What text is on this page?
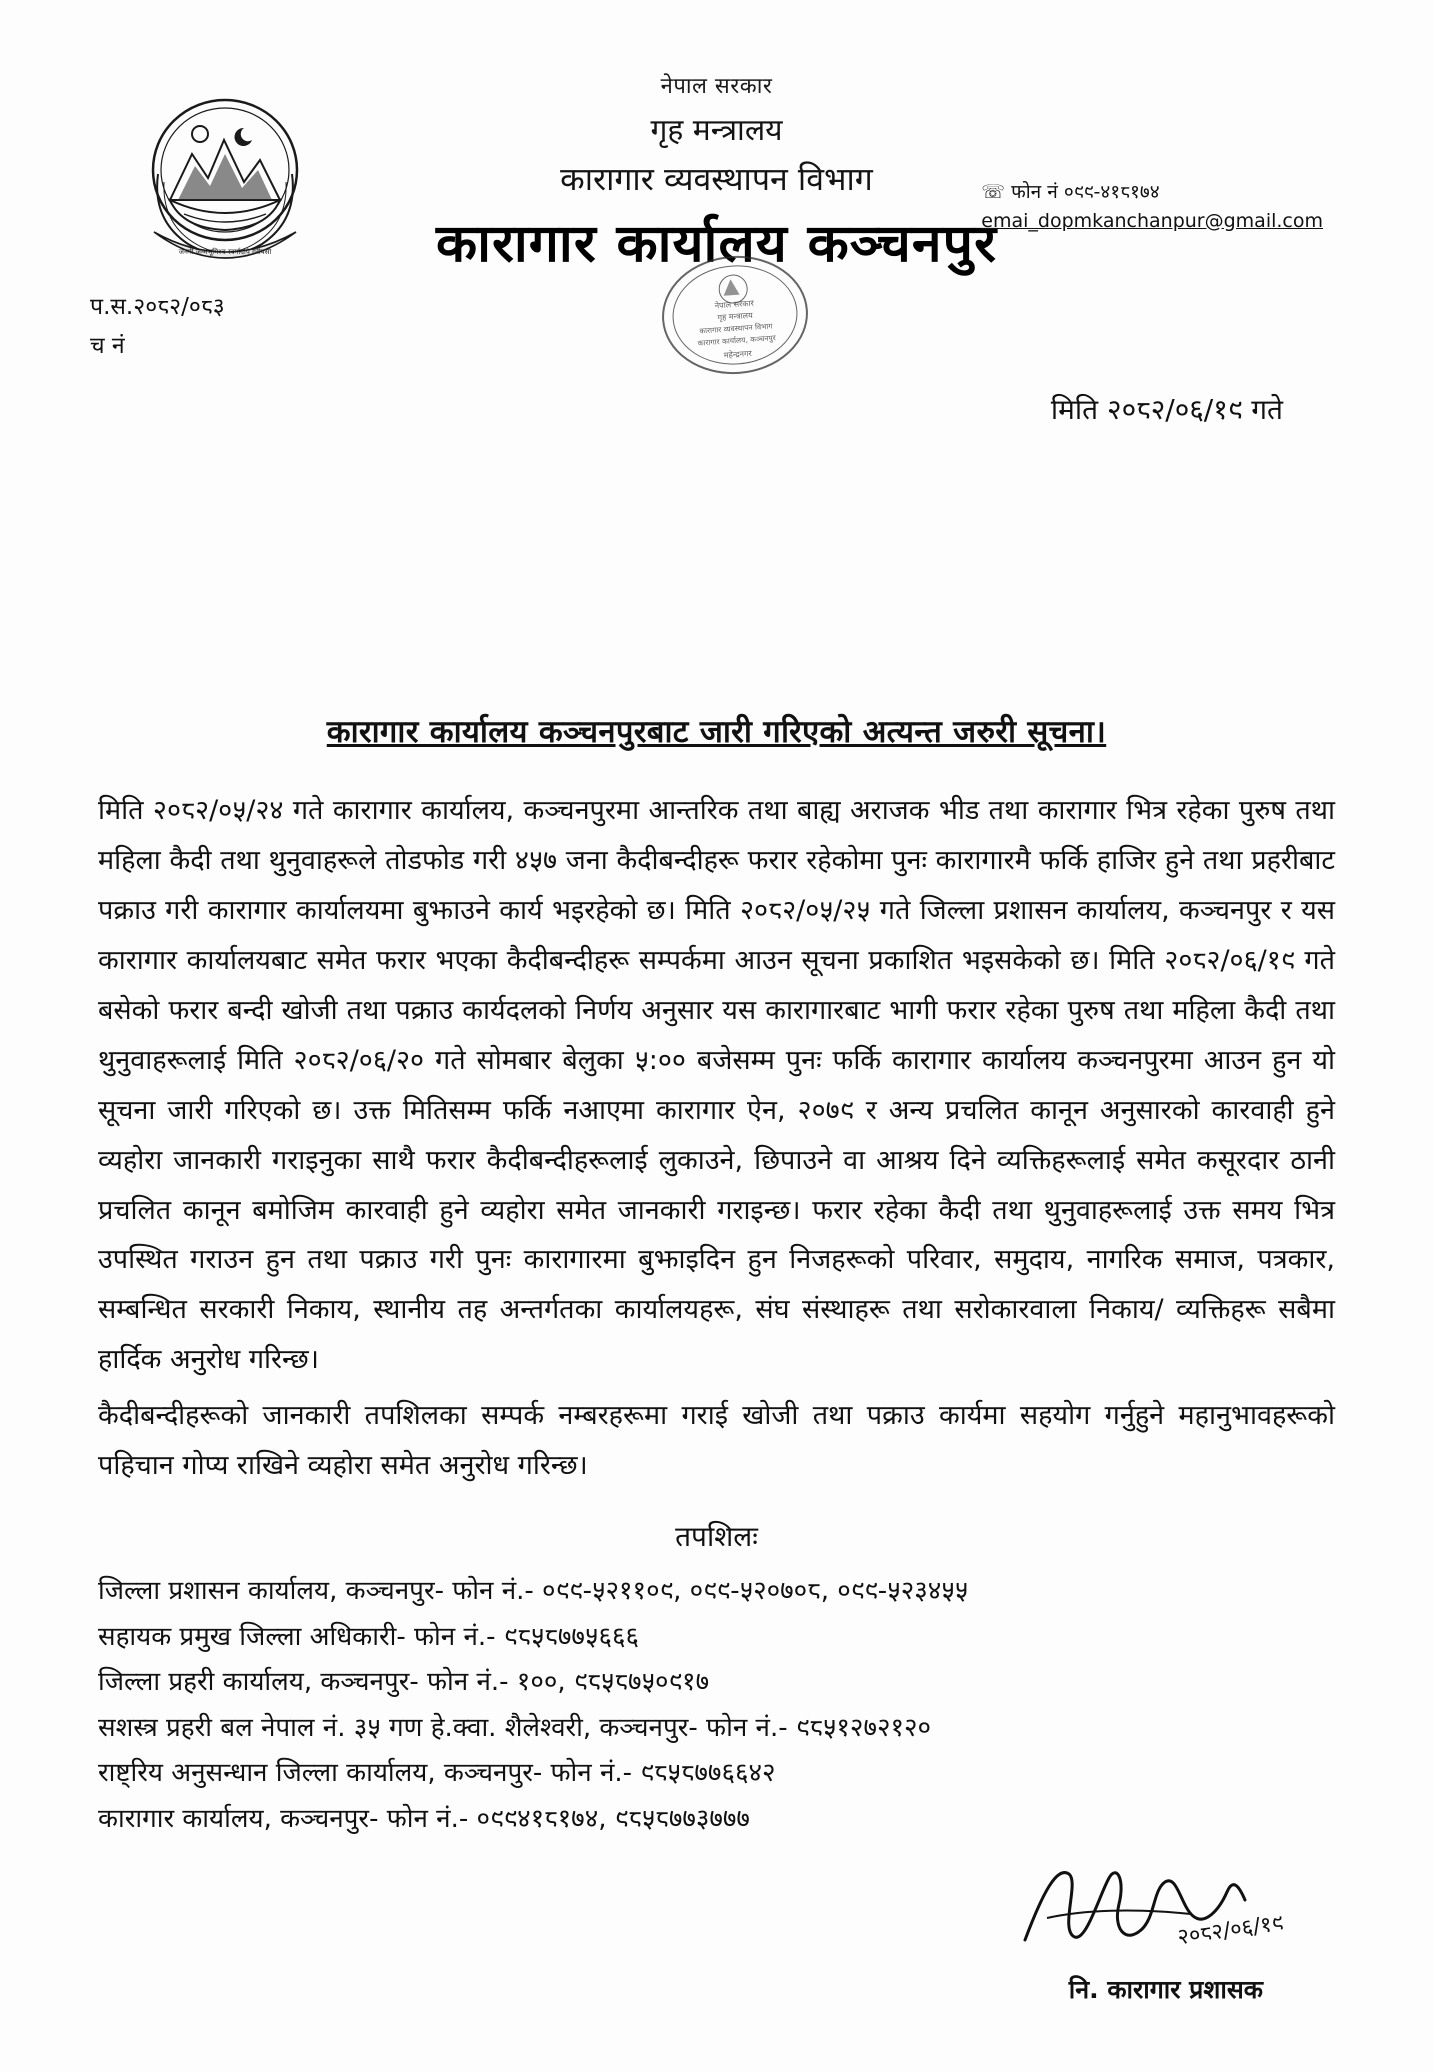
जननी जन्मभूमिश्च स्वर्गादपि गरीयसी
नेपाल सरकार
गृह मन्त्रालय
कारागार व्यवस्थापन विभाग
कारागार कार्यालय कञ्चनपुर
☏ फोन नं ०९९-४१८१७४
emai_dopmkanchanpur@gmail.com
नेपाल सरकार
गृह मन्त्रालय
कारागार व्यवस्थापन विभाग
कारागार कार्यालय, कञ्चनपुर
महेन्द्रनगर
प.स.२०८२/०८३
च नं
मिति २०८२/०६/१९ गते
कारागार कार्यालय कञ्चनपुरबाट जारी गरिएको अत्यन्त जरुरी सूचना।

मिति २०८२/०५/२४ गते कारागार कार्यालय, कञ्चनपुरमा आन्तरिक तथा बाह्य अराजक भीड तथा कारागार भित्र रहेका पुरुष तथा महिला कैदी तथा थुनुवाहरूले तोडफोड गरी ४५७ जना कैदीबन्दीहरू फरार रहेकोमा पुनः कारागारमै फर्कि हाजिर हुने तथा प्रहरीबाट पक्राउ गरी कारागार कार्यालयमा बुझाउने कार्य भइरहेको छ। मिति २०८२/०५/२५ गते जिल्ला प्रशासन कार्यालय, कञ्चनपुर र यस कारागार कार्यालयबाट समेत फरार भएका कैदीबन्दीहरू सम्पर्कमा आउन सूचना प्रकाशित भइसकेको छ। मिति २०८२/०६/१९ गते बसेको फरार बन्दी खोजी तथा पक्राउ कार्यदलको निर्णय अनुसार यस कारागारबाट भागी फरार रहेका पुरुष तथा महिला कैदी तथा थुनुवाहरूलाई मिति २०८२/०६/२० गते सोमबार बेलुका ५:०० बजेसम्म पुनः फर्कि कारागार कार्यालय कञ्चनपुरमा आउन हुन यो सूचना जारी गरिएको छ। उक्त मितिसम्म फर्कि नआएमा कारागार ऐन, २०७९ र अन्य प्रचलित कानून अनुसारको कारवाही हुने व्यहोरा जानकारी गराइनुका साथै फरार कैदीबन्दीहरूलाई लुकाउने, छिपाउने वा आश्रय दिने व्यक्तिहरूलाई समेत कसूरदार ठानी प्रचलित कानून बमोजिम कारवाही हुने व्यहोरा समेत जानकारी गराइन्छ। फरार रहेका कैदी तथा थुनुवाहरूलाई उक्त समय भित्र उपस्थित गराउन हुन तथा पक्राउ गरी पुनः कारागारमा बुझाइदिन हुन निजहरूको परिवार, समुदाय, नागरिक समाज, पत्रकार, सम्बन्धित सरकारी निकाय, स्थानीय तह अन्तर्गतका कार्यालयहरू, संघ संस्थाहरू तथा सरोकारवाला निकाय/ व्यक्तिहरू सबैमा हार्दिक अनुरोध गरिन्छ।

कैदीबन्दीहरूको जानकारी तपशिलका सम्पर्क नम्बरहरूमा गराई खोजी तथा पक्राउ कार्यमा सहयोग गर्नुहुने महानुभावहरूको पहिचान गोप्य राखिने व्यहोरा समेत अनुरोध गरिन्छ।

तपशिलः
जिल्ला प्रशासन कार्यालय, कञ्चनपुर- फोन नं.- ०९९-५२११०९, ०९९-५२०७०८, ०९९-५२३४५५
सहायक प्रमुख जिल्ला अधिकारी- फोन नं.- ९८५८७७५६६६
जिल्ला प्रहरी कार्यालय, कञ्चनपुर- फोन नं.- १००, ९८५८७५०९१७
सशस्त्र प्रहरी बल नेपाल नं. ३५ गण हे.क्वा. शैलेश्वरी, कञ्चनपुर- फोन नं.- ९८५१२७२१२०
राष्ट्रिय अनुसन्धान जिल्ला कार्यालय, कञ्चनपुर- फोन नं.- ९८५८७७६६४२
कारागार कार्यालय, कञ्चनपुर- फोन नं.- ०९९४१८१७४, ९८५८७७३७७७
२०८२/०६/१९
नि. कारागार प्रशासक
